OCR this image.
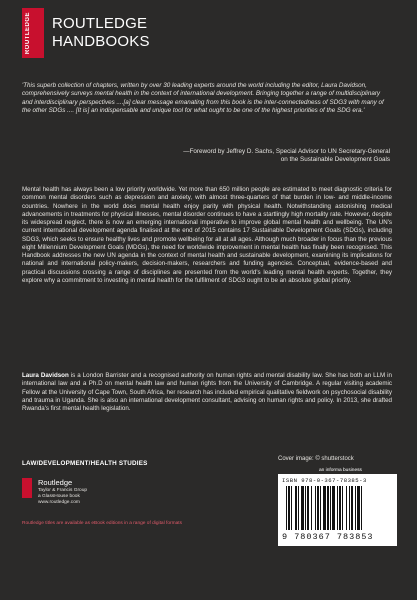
ROUTLEDGE	ROUTLEDGE
HANDBOOKS
'This superb collection of chapters, written by over 30 leading experts around the world including the editor, Laura Davidson, comprehensively surveys mental health in the context of international development. Bringing together a range of multidisciplinary and interdisciplinary perspectives ....[a] clear message emanating from this book is the inter-connectedness of SDG3 with many of the other SDGs .... [It is] an indispensable and unique tool for what ought to be one of the highest priorities of the SDG era.'
—Foreword by Jeffrey D. Sachs, Special Advisor to UN Secretary-General
on the Sustainable Development Goals
Mental health has always been a low priority worldwide. Yet more than 650 million people are estimated to meet diagnostic criteria for common mental disorders such as depression and anxiety, with almost three-quarters of that burden in low- and middle-income countries. Nowhere in the world does mental health enjoy parity with physical health. Notwithstanding astonishing medical advancements in treatments for physical illnesses, mental disorder continues to have a startlingly high mortality rate. However, despite its widespread neglect, there is now an emerging international imperative to improve global mental health and wellbeing. The UN's current international development agenda finalised at the end of 2015 contains 17 Sustainable Development Goals (SDGs), including SDG3, which seeks to ensure healthy lives and promote wellbeing for all at all ages. Although much broader in focus than the previous eight Millennium Development Goals (MDGs), the need for worldwide improvement in mental health has finally been recognised. This Handbook addresses the new UN agenda in the context of mental health and sustainable development, examining its implications for national and international policy-makers, decision-makers, researchers and funding agencies. Conceptual, evidence-based and practical discussions crossing a range of disciplines are presented from the world's leading mental health experts. Together, they explore why a commitment to investing in mental health for the fulfilment of SDG3 ought to be an absolute global priority.
Laura Davidson is a London Barrister and a recognised authority on human rights and mental disability law. She has both an LLM in international law and a Ph.D on mental health law and human rights from the University of Cambridge. A regular visiting academic Fellow at the University of Cape Town, South Africa, her research has included empirical qualitative fieldwork on psychosocial disability and trauma in Uganda. She is also an international development consultant, advising on human rights and policy. In 2013, she drafted Rwanda's first mental health legislation.
LAW/DEVELOPMENT/HEALTH STUDIES
Cover image: © shutterstock
Routledge
Taylor & Francis Group
a GlassHouse book
www.routledge.com
Routledge titles are available as eBook editions in a range of digital formats
an informa business
ISBN 978-0-367-78385-3
9 780367 783853
